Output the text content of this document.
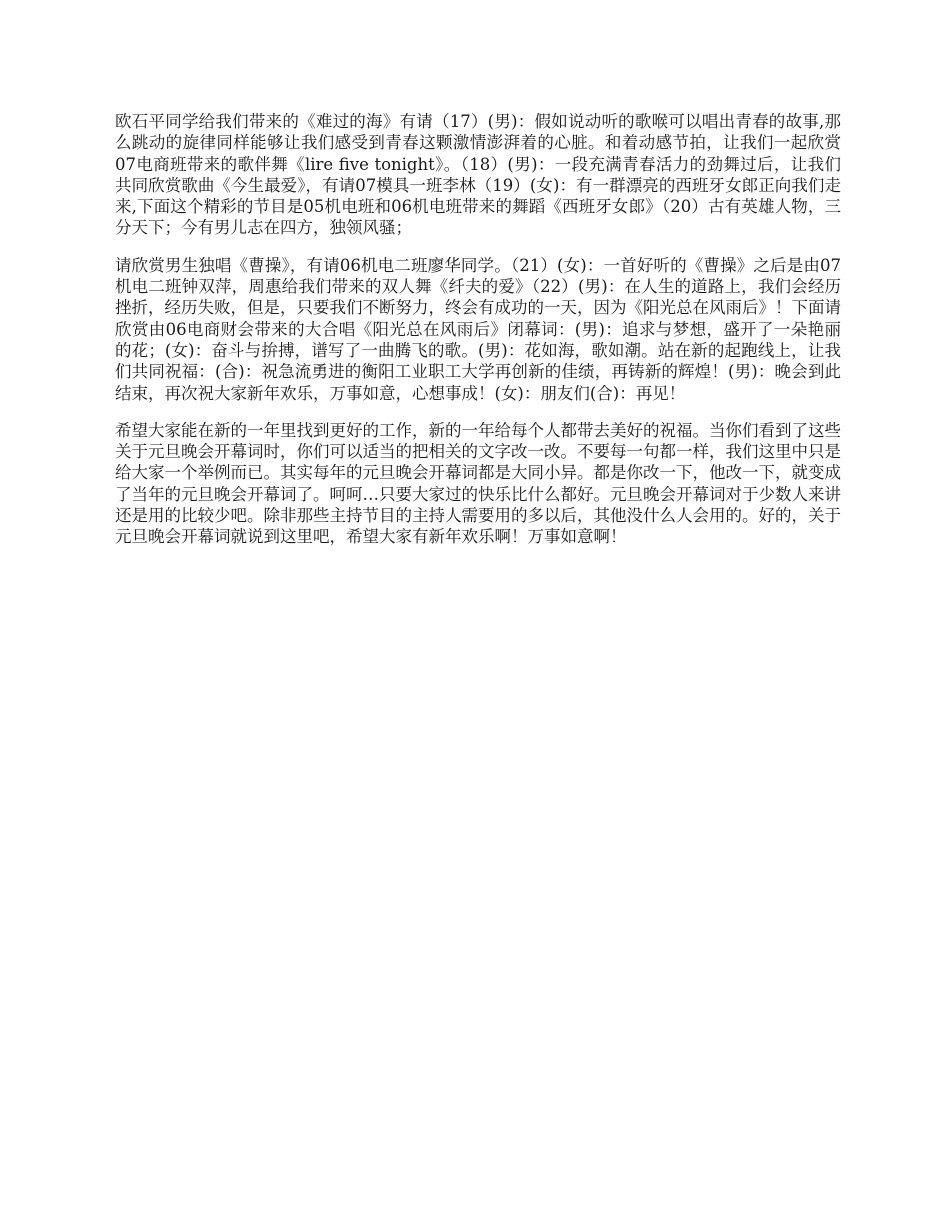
欧石平同学给我们带来的《难过的海》有请（17）(男)：假如说动听的歌喉可以唱出青春的故事,那么跳动的旋律同样能够让我们感受到青春这颗激情澎湃着的心脏。和着动感节拍，让我们一起欣赏07电商班带来的歌伴舞《lire five tonight》。（18）(男)：一段充满青春活力的劲舞过后，让我们共同欣赏歌曲《今生最爱》，有请07模具一班李林（19）(女)：有一群漂亮的西班牙女郎正向我们走来,下面这个精彩的节目是05机电班和06机电班带来的舞蹈《西班牙女郎》（20）古有英雄人物，三分天下；今有男儿志在四方，独领风骚；

请欣赏男生独唱《曹操》，有请06机电二班廖华同学。（21）(女)：一首好听的《曹操》之后是由07机电二班钟双萍，周惠给我们带来的双人舞《纤夫的爱》（22）(男)：在人生的道路上，我们会经历挫折，经历失败，但是，只要我们不断努力，终会有成功的一天，因为《阳光总在风雨后》！下面请欣赏由06电商财会带来的大合唱《阳光总在风雨后》闭幕词：(男)：追求与梦想，盛开了一朵艳丽的花；(女)：奋斗与拚搏，谱写了一曲腾飞的歌。(男)：花如海，歌如潮。站在新的起跑线上，让我们共同祝福：(合)：祝急流勇进的衡阳工业职工大学再创新的佳绩，再铸新的辉煌！(男)：晚会到此结束，再次祝大家新年欢乐，万事如意，心想事成！(女)：朋友们(合)：再见！

希望大家能在新的一年里找到更好的工作，新的一年给每个人都带去美好的祝福。当你们看到了这些关于元旦晚会开幕词时，你们可以适当的把相关的文字改一改。不要每一句都一样，我们这里中只是给大家一个举例而已。其实每年的元旦晚会开幕词都是大同小异。都是你改一下，他改一下，就变成了当年的元旦晚会开幕词了。呵呵…只要大家过的快乐比什么都好。元旦晚会开幕词对于少数人来讲还是用的比较少吧。除非那些主持节目的主持人需要用的多以后，其他没什么人会用的。好的，关于元旦晚会开幕词就说到这里吧，希望大家有新年欢乐啊！万事如意啊！
